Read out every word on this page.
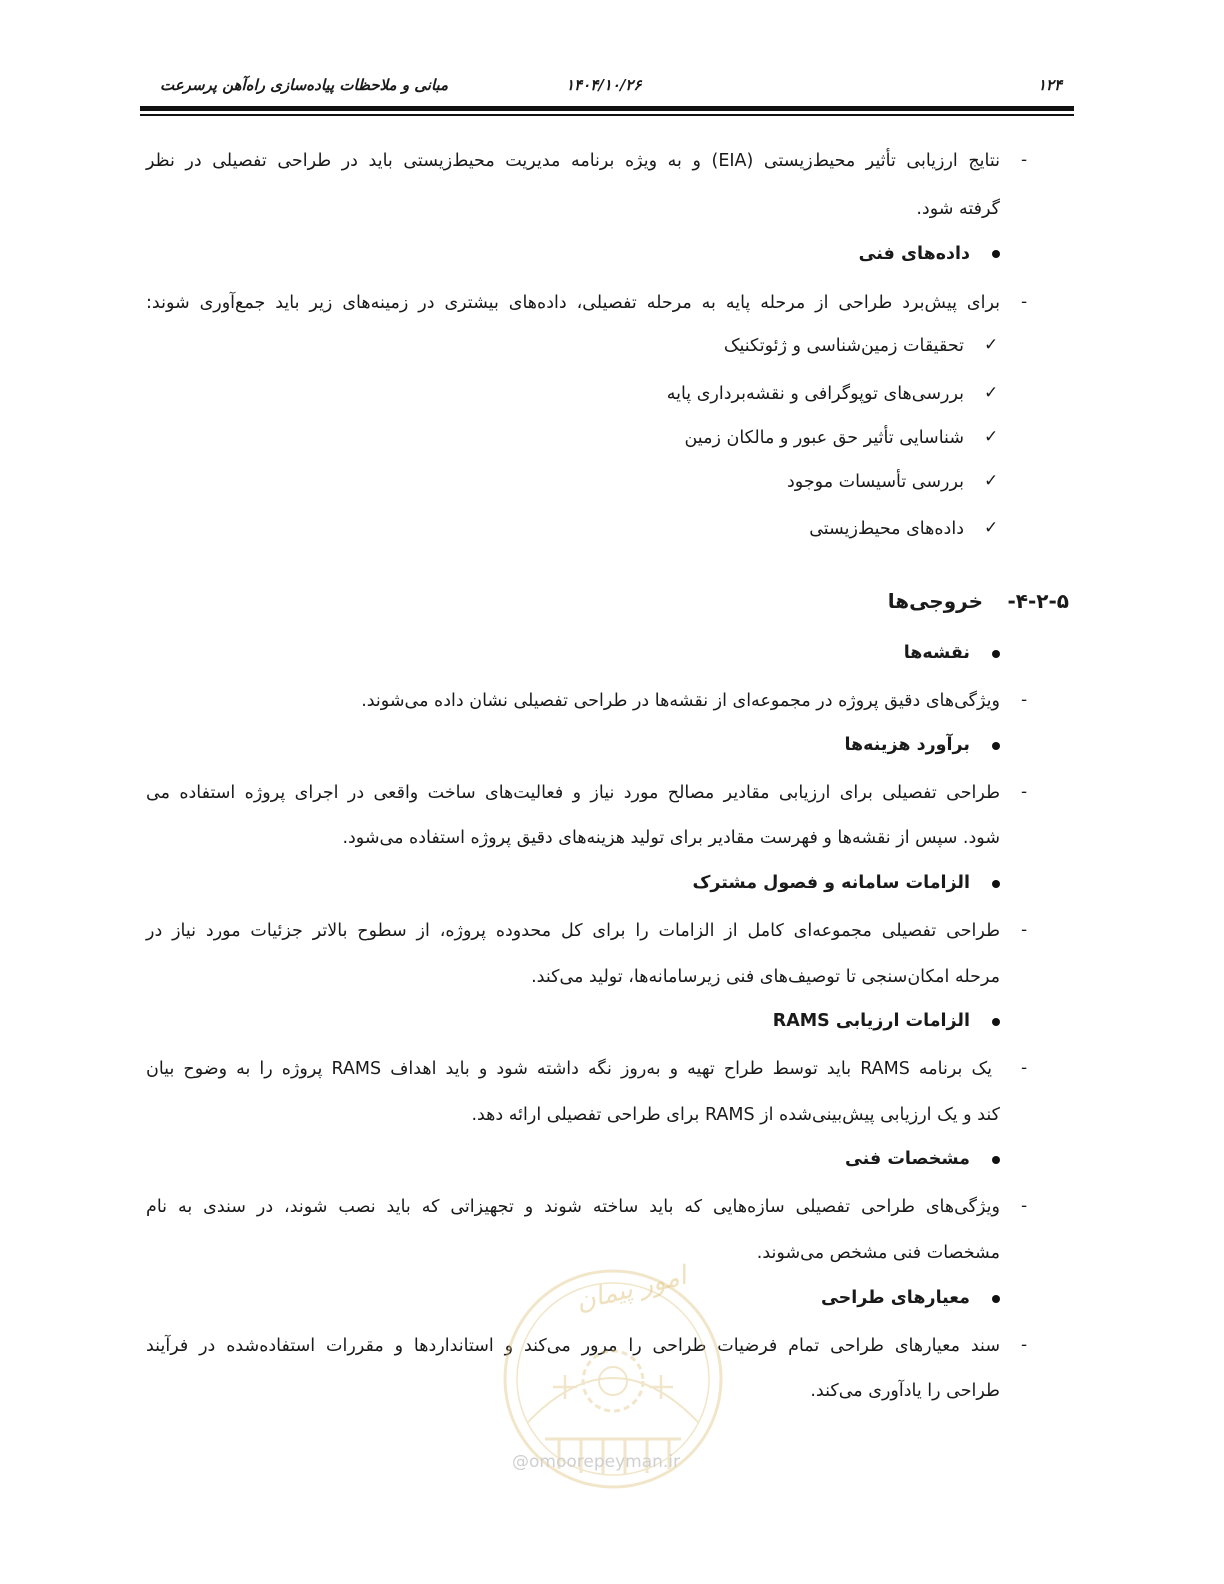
۱۲۴
۱۴۰۴/۱۰/۲۶
مبانی و ملاحظات پیاده‌سازی راه‌آهن پرسرعت
-
نتایج ارزیابی تأثیر محیط‌زیستی (EIA) و به ویژه برنامه مدیریت محیط‌زیستی باید در طراحی تفصیلی در نظر
گرفته شود.
داده‌های فنی
-
برای پیش‌برد طراحی از مرحله پایه به مرحله تفصیلی، داده‌های بیشتری در زمینه‌های زیر باید جمع‌آوری شوند:
✓
تحقیقات زمین‌شناسی و ژئوتکنیک
✓
بررسی‌های توپوگرافی و نقشه‌برداری پایه
✓
شناسایی تأثیر حق عبور و مالکان زمین
✓
بررسی تأسیسات موجود
✓
داده‌های محیط‌زیستی
۴-۲-۵-
خروجی‌ها
نقشه‌ها
-
ویژگی‌های دقیق پروژه در مجموعه‌ای از نقشه‌ها در طراحی تفصیلی نشان داده می‌شوند.
برآورد هزینه‌ها
-
طراحی تفصیلی برای ارزیابی مقادیر مصالح مورد نیاز و فعالیت‌های ساخت واقعی در اجرای پروژه استفاده می
شود. سپس از نقشه‌ها و فهرست مقادیر برای تولید هزینه‌های دقیق پروژه استفاده می‌شود.
الزامات سامانه و فصول مشترک
-
طراحی تفصیلی مجموعه‌ای کامل از الزامات را برای کل محدوده پروژه، از سطوح بالاتر جزئیات مورد نیاز در
مرحله امکان‌سنجی تا توصیف‌های فنی زیرسامانه‌ها، تولید می‌کند.
الزامات ارزیابی RAMS
-
یک برنامه RAMS باید توسط طراح تهیه و به‌روز نگه داشته شود و باید اهداف RAMS پروژه را به وضوح بیان
کند و یک ارزیابی پیش‌بینی‌شده از RAMS برای طراحی تفصیلی ارائه دهد.
مشخصات فنی
-
ویژگی‌های طراحی تفصیلی سازه‌هایی که باید ساخته شوند و تجهیزاتی که باید نصب شوند، در سندی به نام
مشخصات فنی مشخص می‌شوند.
معیارهای طراحی
-
سند معیارهای طراحی تمام فرضیات طراحی را مرور می‌کند و استانداردها و مقررات استفاده‌شده در فرآیند
طراحی را یادآوری می‌کند.
امور پیمان
@omoorepeyman.ir
